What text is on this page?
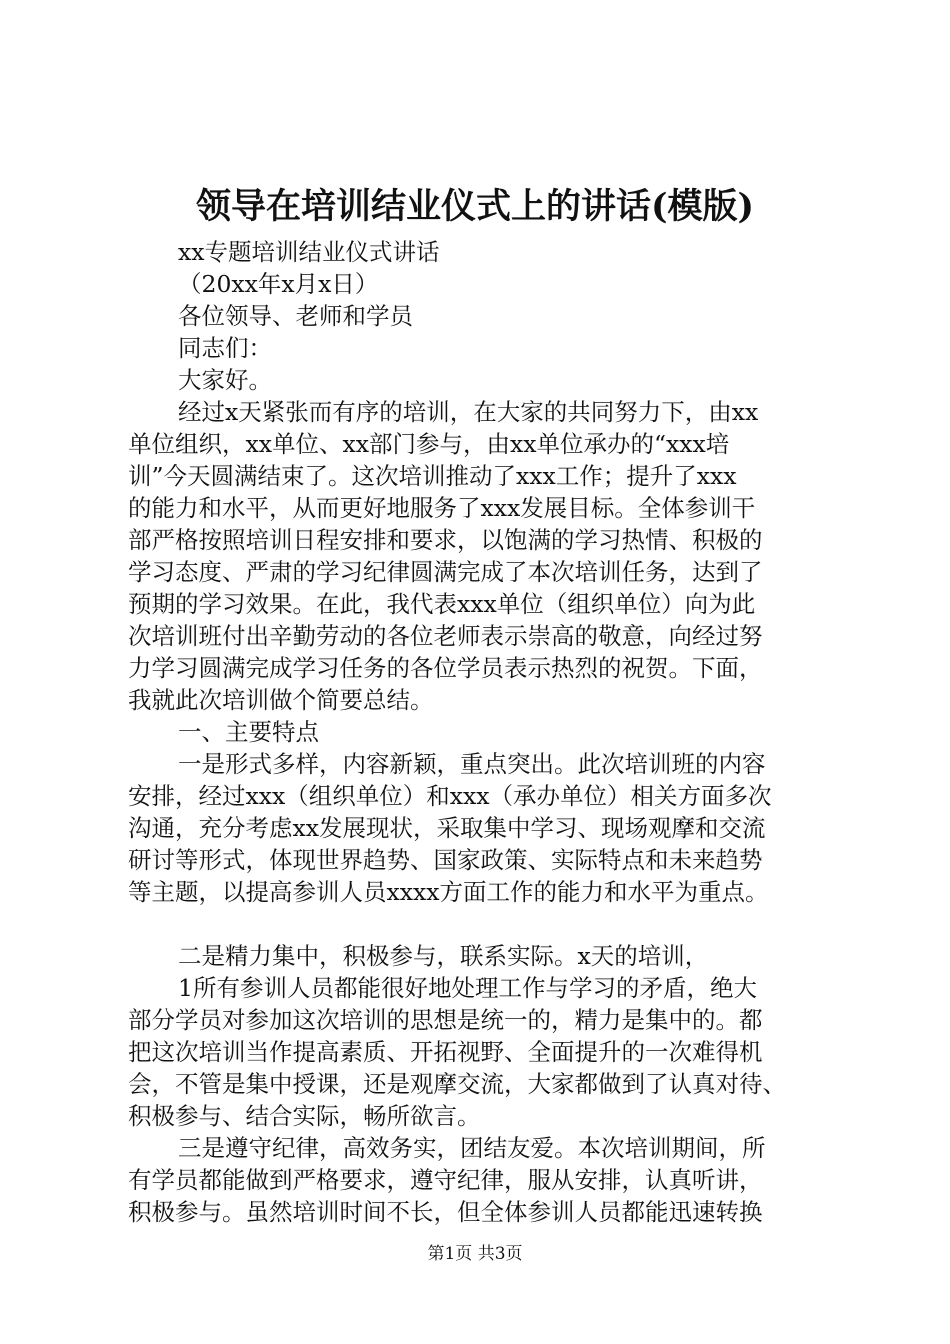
领导在培训结业仪式上的讲话(模版)
xx专题培训结业仪式讲话
（20xx年x月x日）
各位领导、老师和学员
同志们：
大家好。
经过x天紧张而有序的培训，在大家的共同努力下，由xx
单位组织，xx单位、xx部门参与，由xx单位承办的“xxx培
训”今天圆满结束了。这次培训推动了xxx工作；提升了xxx
的能力和水平，从而更好地服务了xxx发展目标。全体参训干
部严格按照培训日程安排和要求，以饱满的学习热情、积极的
学习态度、严肃的学习纪律圆满完成了本次培训任务，达到了
预期的学习效果。在此，我代表xxx单位（组织单位）向为此
次培训班付出辛勤劳动的各位老师表示崇高的敬意，向经过努
力学习圆满完成学习任务的各位学员表示热烈的祝贺。下面，
我就此次培训做个简要总结。
一、主要特点
一是形式多样，内容新颖，重点突出。此次培训班的内容
安排，经过xxx（组织单位）和xxx（承办单位）相关方面多次
沟通，充分考虑xx发展现状，采取集中学习、现场观摩和交流
研讨等形式，体现世界趋势、国家政策、实际特点和未来趋势
等主题，以提高参训人员xxxx方面工作的能力和水平为重点。
二是精力集中，积极参与，联系实际。x天的培训，
1所有参训人员都能很好地处理工作与学习的矛盾，绝大
部分学员对参加这次培训的思想是统一的，精力是集中的。都
把这次培训当作提高素质、开拓视野、全面提升的一次难得机
会，不管是集中授课，还是观摩交流，大家都做到了认真对待、
积极参与、结合实际，畅所欲言。
三是遵守纪律，高效务实，团结友爱。本次培训期间，所
有学员都能做到严格要求，遵守纪律，服从安排，认真听讲，
积极参与。虽然培训时间不长，但全体参训人员都能迅速转换
第1页 共3页
